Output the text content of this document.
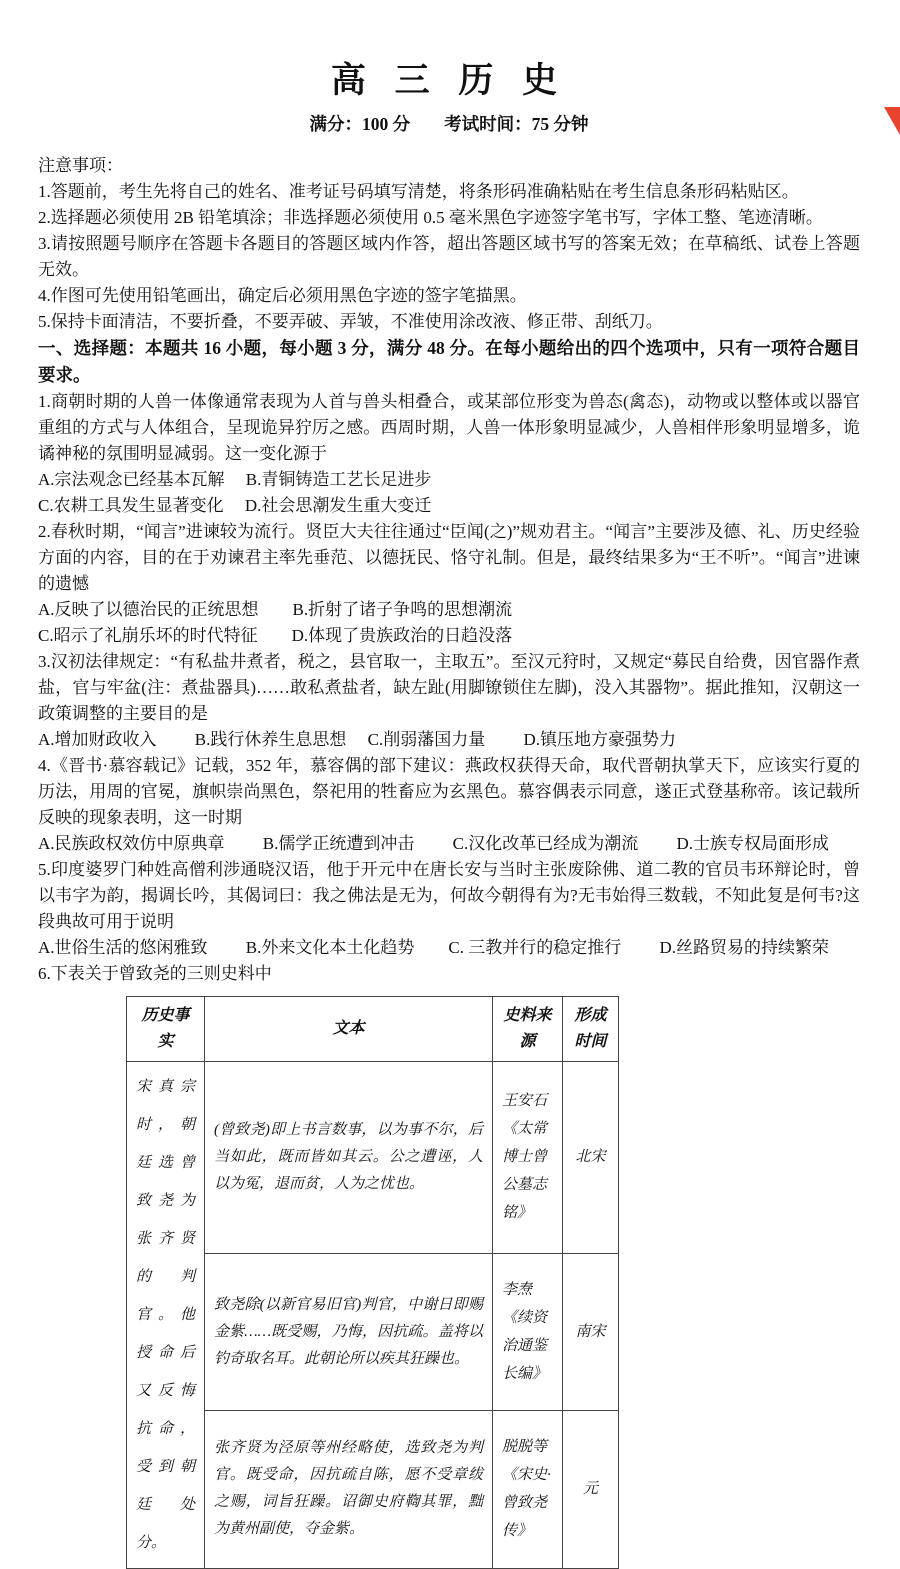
高 三 历 史
满分：100 分 考试时间：75 分钟

注意事项：

1.答题前，考生先将自己的姓名、准考证号码填写清楚，将条形码准确粘贴在考生信息条形码粘贴区。

2.选择题必须使用 2B 铅笔填涂；非选择题必须使用 0.5 毫米黑色字迹签字笔书写，字体工整、笔迹清晰。

3.请按照题号顺序在答题卡各题目的答题区域内作答，超出答题区域书写的答案无效；在草稿纸、试卷上答题无效。

4.作图可先使用铅笔画出，确定后必须用黑色字迹的签字笔描黑。

5.保持卡面清洁，不要折叠，不要弄破、弄皱，不准使用涂改液、修正带、刮纸刀。

一、选择题：本题共 16 小题，每小题 3 分，满分 48 分。在每小题给出的四个选项中，只有一项符合题目要求。

1.商朝时期的人兽一体像通常表现为人首与兽头相叠合，或某部位形变为兽态(禽态)，动物或以整体或以器官重组的方式与人体组合，呈现诡异狞厉之感。西周时期，人兽一体形象明显减少，人兽相伴形象明显增多，诡谲神秘的氛围明显减弱。这一变化源于

A.宗法观念已经基本瓦解　 B.青铜铸造工艺长足进步

C.农耕工具发生显著变化　 D.社会思潮发生重大变迁

2.春秋时期，“闻言”进谏较为流行。贤臣大夫往往通过“臣闻(之)”规劝君主。“闻言”主要涉及德、礼、历史经验方面的内容，目的在于劝谏君主率先垂范、以德抚民、恪守礼制。但是，最终结果多为“王不听”。“闻言”进谏的遗憾

A.反映了以德治民的正统思想　　B.折射了诸子争鸣的思想潮流

C.昭示了礼崩乐坏的时代特征　　D.体现了贵族政治的日趋没落

3.汉初法律规定：“有私盐井煮者，税之，县官取一，主取五”。至汉元狩时，又规定“募民自给费，因官器作煮盐，官与牢盆(注：煮盐器具)……敢私煮盐者，缺左趾(用脚镣锁住左脚)，没入其器物”。据此推知，汉朝这一政策调整的主要目的是

A.增加财政收入　　 B.践行休养生息思想　 C.削弱藩国力量　　 D.镇压地方豪强势力

4.《晋书·慕容载记》记载，352 年，慕容偶的部下建议：燕政权获得天命，取代晋朝执掌天下，应该实行夏的历法，用周的官冕，旗帜崇尚黑色，祭祀用的牲畜应为玄黑色。慕容偶表示同意，遂正式登基称帝。该记载所反映的现象表明，这一时期

A.民族政权效仿中原典章　　 B.儒学正统遭到冲击　　 C.汉化改革已经成为潮流　　 D.士族专权局面形成

5.印度婆罗门种姓高僧利涉通晓汉语，他于开元中在唐长安与当时主张废除佛、道二教的官员韦环辩论时，曾以韦字为韵，揭调长吟，其偈词曰：我之佛法是无为，何故今朝得有为?无韦始得三数载，不知此复是何韦?这段典故可用于说明

A.世俗生活的悠闲雅致　　 B.外来文化本土化趋势　　C. 三教并行的稳定推行　　 D.丝路贸易的持续繁荣

6.下表关于曾致尧的三则史料中

历史事实	文本	史料来源	形成时间
宋真宗时，朝廷选曾致尧为张齐贤的判官。他授命后又反悔抗命，受到朝廷处分。	(曾致尧)即上书言数事，以为事不尔，后当如此，既而皆如其云。公之遭诬，人以为冤，退而贫，人为之忧也。	王安石《太常博士曾公墓志铭》	北宋
	致尧除(以新官易旧官)判官，中谢日即赐金紫……既受赐，乃悔，因抗疏。盖将以钓奇取名耳。此朝论所以疾其狂躁也。	李焘《续资治通鉴长编》	南宋
	张齐贤为泾原等州经略使，选致尧为判官。既受命，因抗疏自陈，愿不受章绂之赐，词旨狂躁。诏御史府鞫其罪，黜为黄州副使，夺金紫。	脱脱等《宋史·曾致尧传》	元
